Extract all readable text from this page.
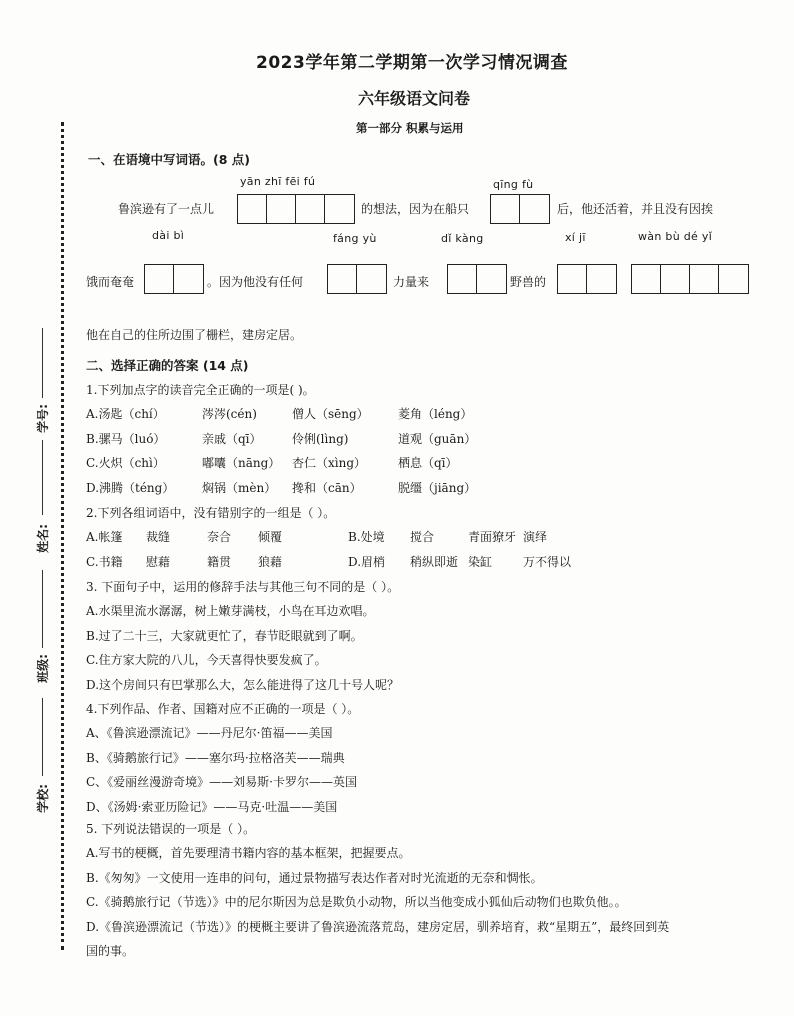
2023学年第二学期第一次学习情况调查
六年级语文问卷
第一部分 积累与运用
学号:
姓名:
班级:
学校:
一、在语境中写词语。(8 点)
yān zhī fēi fú	qīng fù
鲁滨逊有了一点儿	的想法，因为在船只	后，他还活着，并且没有因挨
dài bì	fáng yù	dǐ kàng	xí jī	wàn bù dé yǐ
饿而奄奄	。因为他没有任何	力量来	野兽的
他在自己的住所边围了栅栏，建房定居。
二、选择正确的答案 (14 点)
1.下列加点字的读音完全正确的一项是( )。
A.汤匙（chí）	涔涔(cén)	僧人（sēng） 菱角（léng）
B.骡马（luó）	亲戚（qī）	伶俐(lìng)	道观（guān）
C.火炽（chì）	嘟囔（nāng） 杏仁（xìng）	栖息（qī）
D.沸腾（téng） 焖锅（mèn） 搀和（cān）	脱缰（jiāng）
2.下列各组词语中，没有错别字的一组是（ ）。
A.帐篷 裁缝	奈合 倾覆	B.处境 搅合	青面獠牙 演绎
C.书籍 慰藉	籍贯 狼藉	D.眉梢 稍纵即逝 染缸	万不得以
3. 下面句子中，运用的修辞手法与其他三句不同的是（ ）。
A.水渠里流水潺潺，树上嫩芽满枝，小鸟在耳边欢唱。
B.过了二十三，大家就更忙了，春节眨眼就到了啊。
C.住方家大院的八儿，今天喜得快要发疯了。
D.这个房间只有巴掌那么大，怎么能进得了这几十号人呢？
4.下列作品、作者、国籍对应不正确的一项是（ ）。
A、《鲁滨逊漂流记》——丹尼尔·笛福——美国
B、《骑鹅旅行记》——塞尔玛·拉格洛芙——瑞典
C、《爱丽丝漫游奇境》——刘易斯·卡罗尔——英国
D、《汤姆·索亚历险记》——马克·吐温——美国
5. 下列说法错误的一项是（ ）。
A.写书的梗概，首先要理清书籍内容的基本框架，把握要点。
B.《匆匆》一文使用一连串的问句，通过景物描写表达作者对时光流逝的无奈和惆怅。
C.《骑鹅旅行记（节选）》中的尼尔斯因为总是欺负小动物，所以当他变成小狐仙后动物们也欺负他。。
D.《鲁滨逊漂流记（节选）》的梗概主要讲了鲁滨逊流落荒岛，建房定居，驯养培育，救“星期五”，最终回到英
国的事。
